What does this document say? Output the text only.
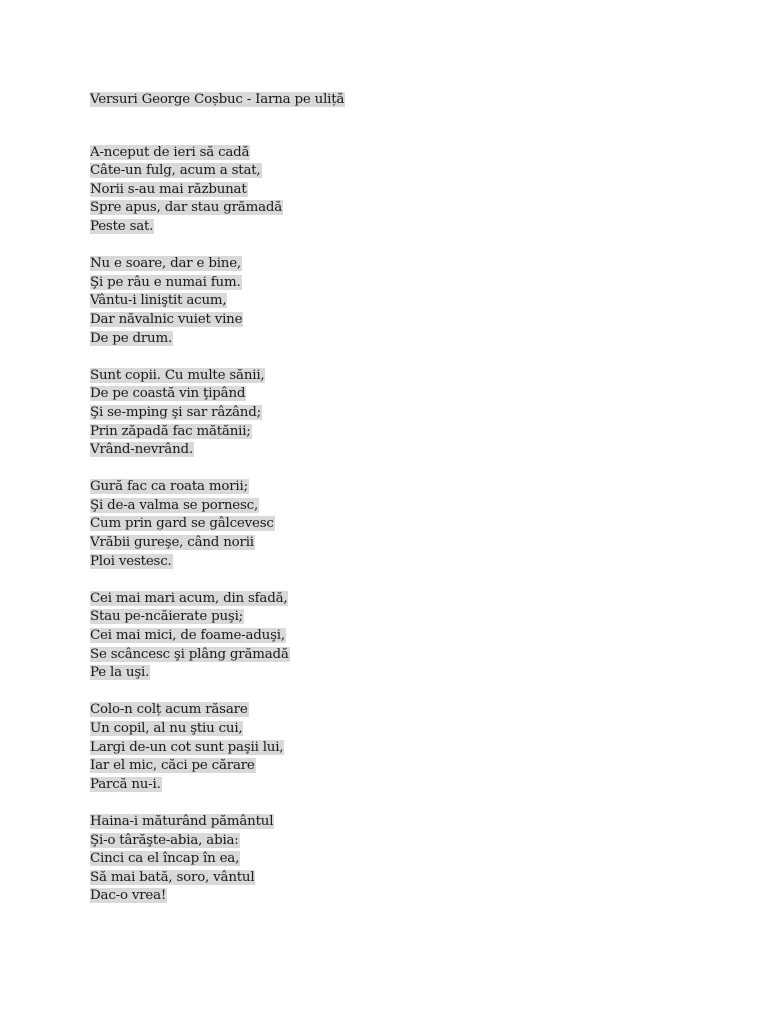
Versuri George Coșbuc - Iarna pe uliță
A-nceput de ieri să cadă
Câte-un fulg, acum a stat,
Norii s-au mai răzbunat
Spre apus, dar stau grămadă
Peste sat.
Nu e soare, dar e bine,
Şi pe râu e numai fum.
Vântu-i liniştit acum,
Dar năvalnic vuiet vine
De pe drum.
Sunt copii. Cu multe sănii,
De pe coastă vin ţipând
Şi se-mping şi sar râzând;
Prin zăpadă fac mătănii;
Vrând-nevrând.
Gură fac ca roata morii;
Şi de-a valma se pornesc,
Cum prin gard se gâlcevesc
Vrăbii gureşe, când norii
Ploi vestesc.
Cei mai mari acum, din sfadă,
Stau pe-ncăierate puşi;
Cei mai mici, de foame-aduşi,
Se scâncesc şi plâng grămadă
Pe la uşi.
Colo-n colț acum răsare
Un copil, al nu ştiu cui,
Largi de-un cot sunt paşii lui,
Iar el mic, căci pe cărare
Parcă nu-i.
Haina-i măturând pământul
Şi-o târăşte-abia, abia:
Cinci ca el încap în ea,
Să mai bată, soro, vântul
Dac-o vrea!
